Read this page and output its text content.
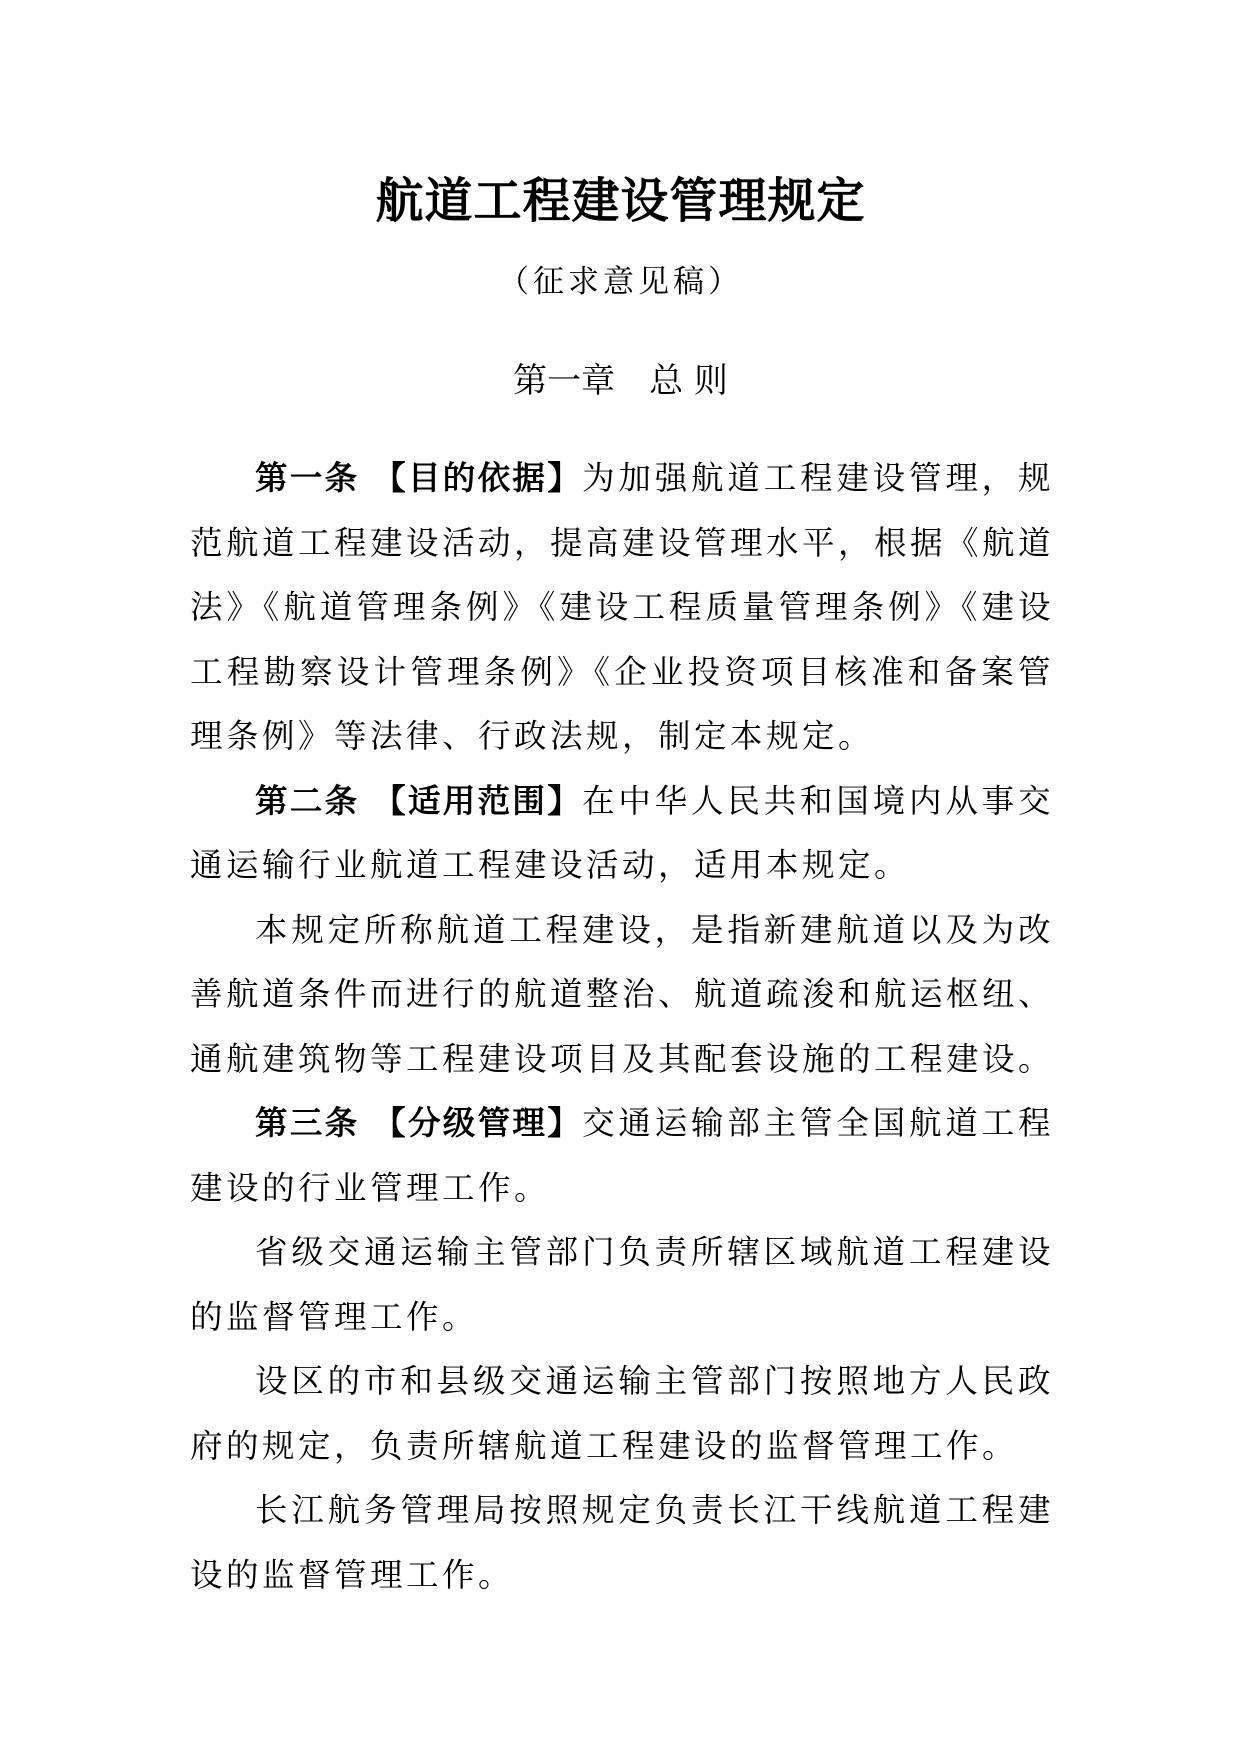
航道工程建设管理规定
（征求意见稿）
第一章　总 则

第一条 【目的依据】为加强航道工程建设管理，规范航道工程建设活动，提高建设管理水平，根据《航道法》《航道管理条例》《建设工程质量管理条例》《建设工程勘察设计管理条例》《企业投资项目核准和备案管理条例》等法律、行政法规，制定本规定。

第二条 【适用范围】在中华人民共和国境内从事交通运输行业航道工程建设活动，适用本规定。

本规定所称航道工程建设，是指新建航道以及为改善航道条件而进行的航道整治、航道疏浚和航运枢纽、通航建筑物等工程建设项目及其配套设施的工程建设。

第三条 【分级管理】交通运输部主管全国航道工程建设的行业管理工作。

省级交通运输主管部门负责所辖区域航道工程建设的监督管理工作。

设区的市和县级交通运输主管部门按照地方人民政府的规定，负责所辖航道工程建设的监督管理工作。

长江航务管理局按照规定负责长江干线航道工程建设的监督管理工作。
